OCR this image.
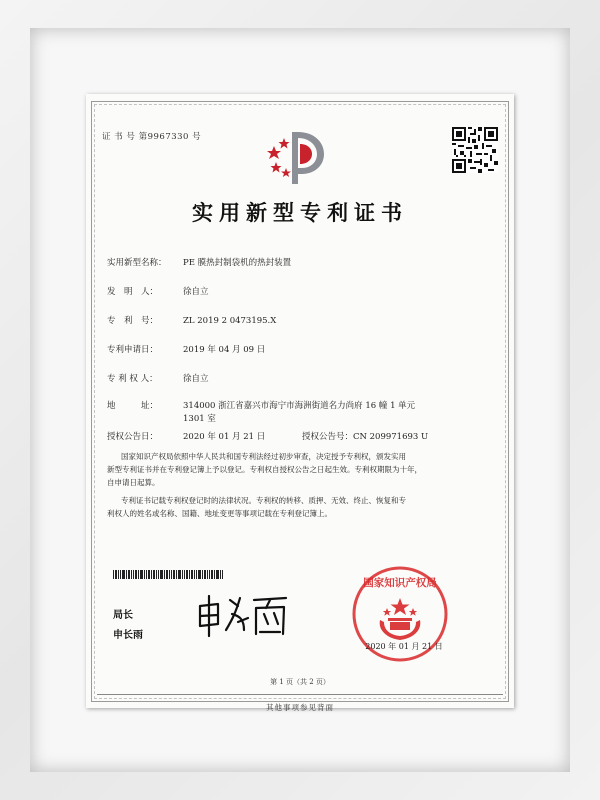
证 书 号 第9967330 号
实用新型专利证书
实用新型名称： PE 膜热封制袋机的热封装置
发　明　人：	徐自立
专　利　号：	ZL 2019 2 0473195.X
专利申请日：	2019 年 04 月 09 日
专 利 权 人：	徐自立
地　　　址：	314000 浙江省嘉兴市海宁市海洲街道名力尚府 16 幢 1 单元
1301 室
授权公告日：	2020 年 01 月 21 日	授权公告号：CN 209971693 U
国家知识产权局依照中华人民共和国专利法经过初步审查，决定授予专利权，颁发实用
新型专利证书并在专利登记簿上予以登记。专利权自授权公告之日起生效。专利权期限为十年，
自申请日起算。
专利证书记载专利权登记时的法律状况。专利权的转移、质押、无效、终止、恢复和专
利权人的姓名或名称、国籍、地址变更等事项记载在专利登记簿上。
局长
申长雨
国家知识产权局
2020 年 01 月 21 日
第 1 页（共 2 页）
其他事项参见背面
